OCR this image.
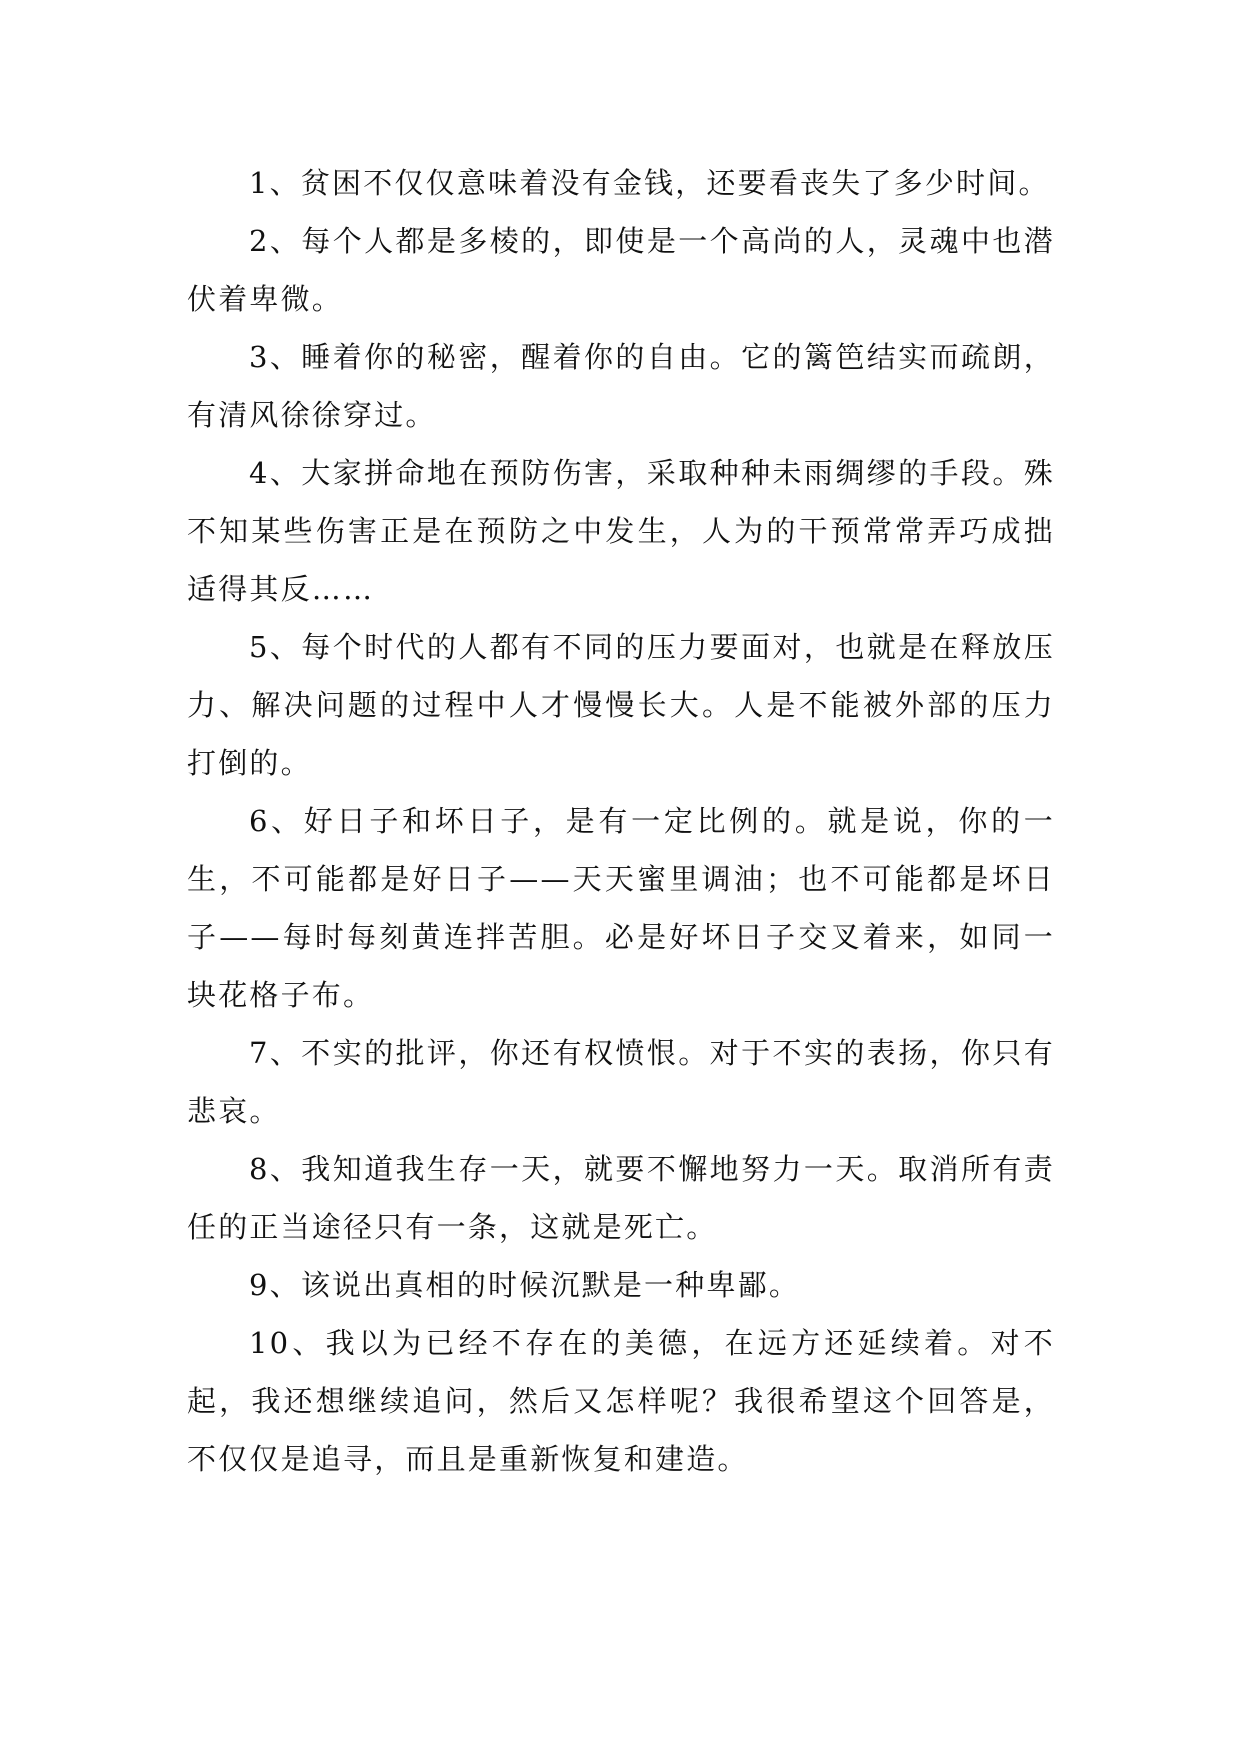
1、贫困不仅仅意味着没有金钱，还要看丧失了多少时间。

2、每个人都是多棱的，即使是一个高尚的人，灵魂中也潜伏着卑微。

3、睡着你的秘密，醒着你的自由。它的篱笆结实而疏朗，有清风徐徐穿过。

4、大家拼命地在预防伤害，采取种种未雨绸缪的手段。殊不知某些伤害正是在预防之中发生，人为的干预常常弄巧成拙适得其反……

5、每个时代的人都有不同的压力要面对，也就是在释放压力、解决问题的过程中人才慢慢长大。人是不能被外部的压力打倒的。

6、好日子和坏日子，是有一定比例的。就是说，你的一生，不可能都是好日子——天天蜜里调油；也不可能都是坏日子——每时每刻黄连拌苦胆。必是好坏日子交叉着来，如同一块花格子布。

7、不实的批评，你还有权愤恨。对于不实的表扬，你只有悲哀。

8、我知道我生存一天，就要不懈地努力一天。取消所有责任的正当途径只有一条，这就是死亡。

9、该说出真相的时候沉默是一种卑鄙。

10、我以为已经不存在的美德，在远方还延续着。对不起，我还想继续追问，然后又怎样呢？我很希望这个回答是，不仅仅是追寻，而且是重新恢复和建造。
